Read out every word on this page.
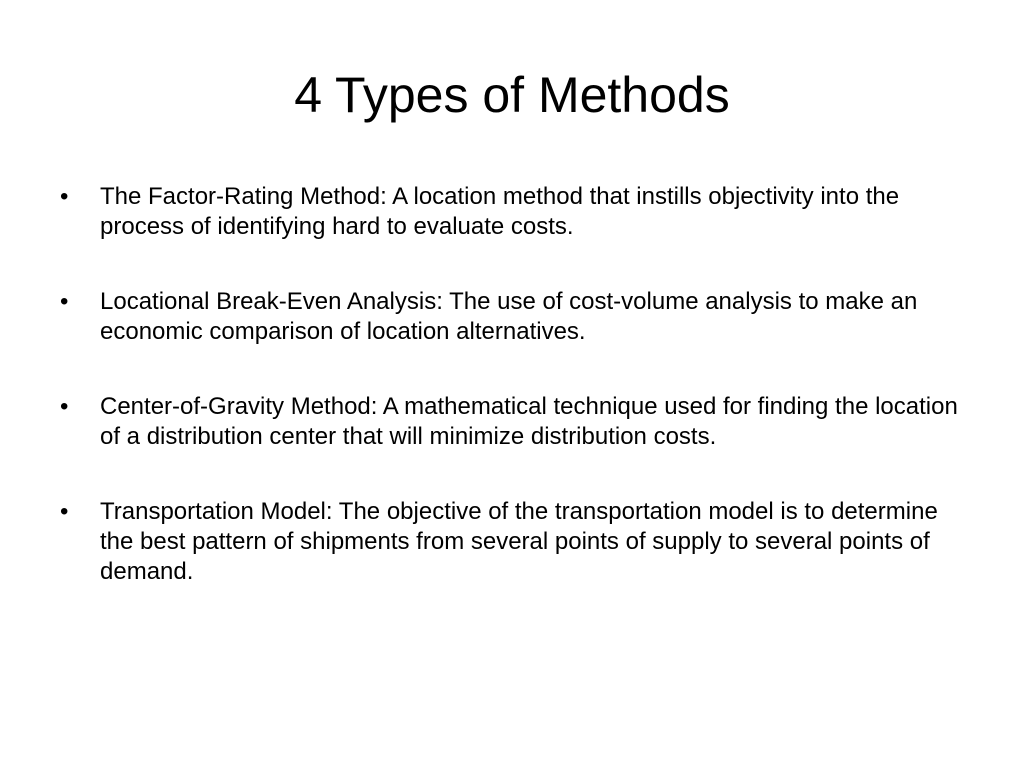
4 Types of Methods
•	The Factor-Rating Method: A location method that instills objectivity into the process of identifying hard to evaluate costs.
•	Locational Break-Even Analysis: The use of cost-volume analysis to make an economic comparison of location alternatives.
•	Center-of-Gravity Method: A mathematical technique used for finding the location of a distribution center that will minimize distribution costs.
•	Transportation Model: The objective of the transportation model is to determine the best pattern of shipments from several points of supply to several points of demand.
